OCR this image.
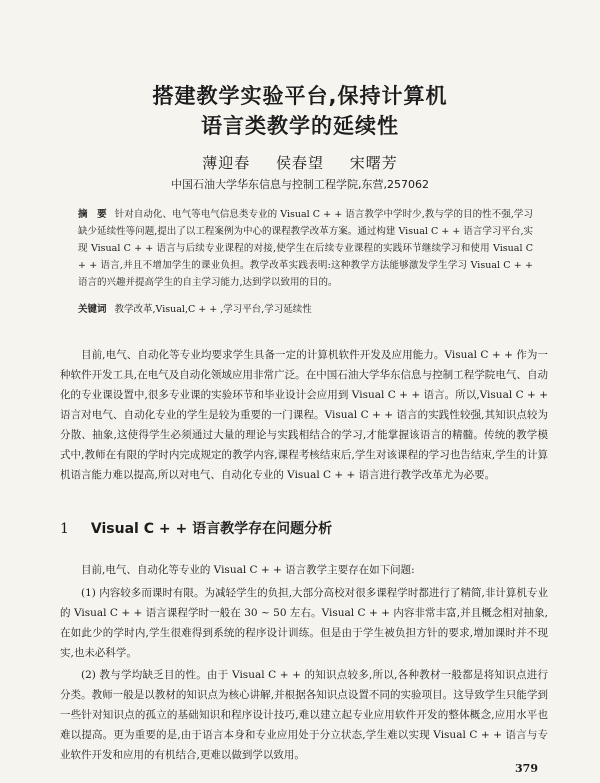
搭建教学实验平台,保持计算机
语言类教学的延续性
薄迎春 侯春望 宋曙芳
中国石油大学华东信息与控制工程学院,东营,257062
摘　要 针对自动化、电气等电气信息类专业的 Visual C + + 语言教学中学时少,教与学的目的性不强,学习缺少延续性等问题,提出了以工程案例为中心的课程教学改革方案。通过构建 Visual C + + 语言学习平台,实现 Visual C + + 语言与后续专业课程的对接,使学生在后续专业课程的实践环节继续学习和使用 Visual C + + 语言,并且不增加学生的课业负担。教学改革实践表明:这种教学方法能够激发学生学习 Visual C + + 语言的兴趣并提高学生的自主学习能力,达到学以致用的目的。
关键词 教学改革,Visual,C + + ,学习平台,学习延续性
目前,电气、自动化等专业均要求学生具备一定的计算机软件开发及应用能力。Visual C + + 作为一种软件开发工具,在电气及自动化领域应用非常广泛。在中国石油大学华东信息与控制工程学院电气、自动化的专业课设置中,很多专业课的实验环节和毕业设计会应用到 Visual C + + 语言。所以,Visual C + + 语言对电气、自动化专业的学生是较为重要的一门课程。Visual C + + 语言的实践性较强,其知识点较为分散、抽象,这使得学生必须通过大量的理论与实践相结合的学习,才能掌握该语言的精髓。传统的教学模式中,教师在有限的学时内完成规定的教学内容,课程考核结束后,学生对该课程的学习也告结束,学生的计算机语言能力难以提高,所以对电气、自动化专业的 Visual C + + 语言进行教学改革尤为必要。
1 Visual C + + 语言教学存在问题分析
目前,电气、自动化等专业的 Visual C + + 语言教学主要存在如下问题:
(1) 内容较多而课时有限。为减轻学生的负担,大部分高校对很多课程学时都进行了精简,非计算机专业的 Visual C + + 语言课程学时一般在 30 ~ 50 左右。Visual C + + 内容非常丰富,并且概念相对抽象,在如此少的学时内,学生很难得到系统的程序设计训练。但是由于学生被负担方针的要求,增加课时并不现实,也未必科学。
(2) 教与学均缺乏目的性。由于 Visual C + + 的知识点较多,所以,各种教材一般都是将知识点进行分类。教师一般是以教材的知识点为核心讲解,并根据各知识点设置不同的实验项目。这导致学生只能学到一些针对知识点的孤立的基础知识和程序设计技巧,难以建立起专业应用软件开发的整体概念,应用水平也难以提高。更为重要的是,由于语言本身和专业应用处于分立状态,学生难以实现 Visual C + + 语言与专业软件开发和应用的有机结合,更难以做到学以致用。
379
